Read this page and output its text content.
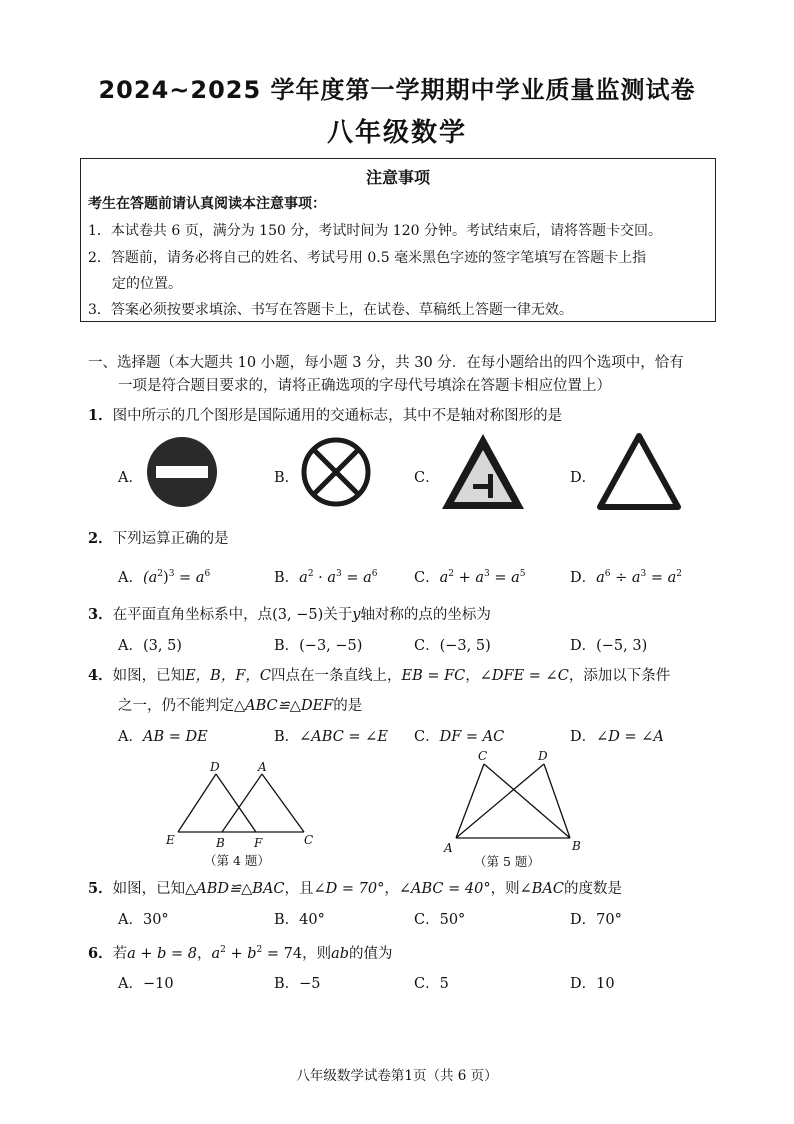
2024~2025 学年度第一学期期中学业质量监测试卷
八年级数学
注意事项
考生在答题前请认真阅读本注意事项：
1．本试卷共 6 页，满分为 150 分，考试时间为 120 分钟。考试结束后，请将答题卡交回。
2．答题前，请务必将自己的姓名、考试号用 0.5 毫米黑色字迹的签字笔填写在答题卡上指
定的位置。
3．答案必须按要求填涂、书写在答题卡上，在试卷、草稿纸上答题一律无效。
一、选择题（本大题共 10 小题，每小题 3 分，共 30 分．在每小题给出的四个选项中，恰有
一项是符合题目要求的，请将正确选项的字母代号填涂在答题卡相应位置上）
1．图中所示的几个图形是国际通用的交通标志，其中不是轴对称图形的是
A．	B．	C．	D．
2．下列运算正确的是
A．$(a^2)^3 = a^6$	B．$a^2 \cdot a^3 = a^6$	C．$a^2 + a^3 = a^5$	D．$a^6 \div a^3 = a^2$
3．在平面直角坐标系中，点(3, −5)关于y轴对称的点的坐标为
A．(3, 5)	B．(−3, −5)	C．(−3, 5)	D．(−5, 3)
4．如图，已知E，B，F，C四点在一条直线上，EB = FC，∠DFE = ∠C，添加以下条件
之一，仍不能判定△ABC≌△DEF的是
A．AB = DE	B．∠ABC = ∠E C．DF = AC	D．∠D = ∠A
D	A
E	B F	C
（第 4 题）
C	D
A	B
（第 5 题）
5．如图，已知△ABD≌△BAC，且∠D = 70°，∠ABC = 40°，则∠BAC的度数是
A．30°	B．40°	C．50°	D．70°
6．若a + b = 8，$a^2 + b^2 = 74$，则ab的值为
A．−10	B．−5	C．5	D．10
八年级数学试卷第1页（共 6 页）
